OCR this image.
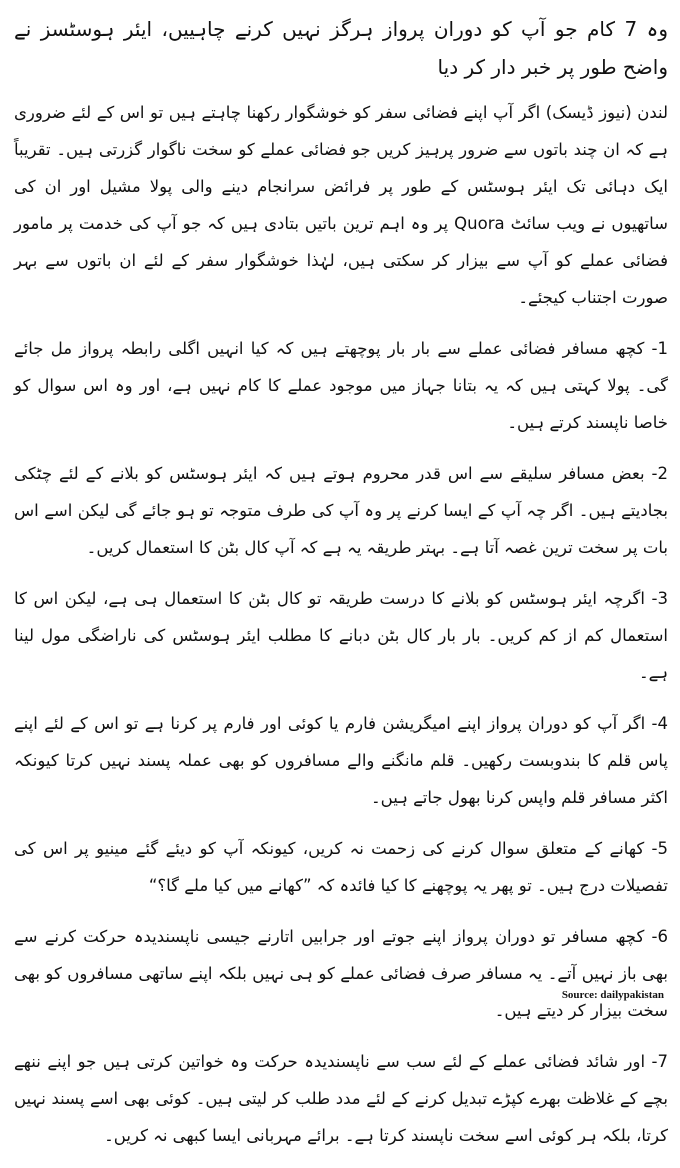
وہ 7 کام جو آپ کو دوران پرواز ہرگز نہیں کرنے چاہییں، ایئر ہوسٹسز نے واضح طور پر خبر دار کر دیا

لندن (نیوز ڈیسک) اگر آپ اپنے فضائی سفر کو خوشگوار رکھنا چاہتے ہیں تو اس کے لئے ضروری ہے کہ ان چند باتوں سے ضرور پرہیز کریں جو فضائی عملے کو سخت ناگوار گزرتی ہیں۔ تقریباً ایک دہائی تک ایئر ہوسٹس کے طور پر فرائض سرانجام دینے والی پولا مشیل اور ان کی ساتھیوں نے ویب سائٹ Quora پر وہ اہم ترین باتیں بتادی ہیں کہ جو آپ کی خدمت پر مامور فضائی عملے کو آپ سے بیزار کر سکتی ہیں، لہٰذا خوشگوار سفر کے لئے ان باتوں سے بہر صورت اجتناب کیجئے۔

1- کچھ مسافر فضائی عملے سے بار بار پوچھتے ہیں کہ کیا انہیں اگلی رابطہ پرواز مل جائے گی۔ پولا کہتی ہیں کہ یہ بتانا جہاز میں موجود عملے کا کام نہیں ہے، اور وہ اس سوال کو خاصا ناپسند کرتے ہیں۔

2- بعض مسافر سلیقے سے اس قدر محروم ہوتے ہیں کہ ایئر ہوسٹس کو بلانے کے لئے چٹکی بجادیتے ہیں۔ اگر چہ آپ کے ایسا کرنے پر وہ آپ کی طرف متوجہ تو ہو جائے گی لیکن اسے اس بات پر سخت ترین غصہ آتا ہے۔ بہتر طریقہ یہ ہے کہ آپ کال بٹن کا استعمال کریں۔

3- اگرچہ ایئر ہوسٹس کو بلانے کا درست طریقہ تو کال بٹن کا استعمال ہی ہے، لیکن اس کا استعمال کم از کم کریں۔ بار بار کال بٹن دبانے کا مطلب ایئر ہوسٹس کی ناراضگی مول لینا ہے۔

4- اگر آپ کو دوران پرواز اپنے امیگریشن فارم یا کوئی اور فارم پر کرنا ہے تو اس کے لئے اپنے پاس قلم کا بندوبست رکھیں۔ قلم مانگنے والے مسافروں کو بھی عملہ پسند نہیں کرتا کیونکہ اکثر مسافر قلم واپس کرنا بھول جاتے ہیں۔

5- کھانے کے متعلق سوال کرنے کی زحمت نہ کریں، کیونکہ آپ کو دیئے گئے مینیو پر اس کی تفصیلات درج ہیں۔ تو پھر یہ پوچھنے کا کیا فائدہ کہ ”کھانے میں کیا ملے گا؟“

6- کچھ مسافر تو دوران پرواز اپنے جوتے اور جرابیں اتارنے جیسی ناپسندیدہ حرکت کرنے سے بھی باز نہیں آتے۔ یہ مسافر صرف فضائی عملے کو ہی نہیں بلکہ اپنے ساتھی مسافروں کو بھی سخت بیزار کر دیتے ہیں۔

7- اور شائد فضائی عملے کے لئے سب سے ناپسندیدہ حرکت وہ خواتین کرتی ہیں جو اپنے ننھے بچے کے غلاظت بھرے کپڑے تبدیل کرنے کے لئے مدد طلب کر لیتی ہیں۔ کوئی بھی اسے پسند نہیں کرتا، بلکہ ہر کوئی اسے سخت ناپسند کرتا ہے۔ برائے مہربانی ایسا کبھی نہ کریں۔

Source: dailypakistan
